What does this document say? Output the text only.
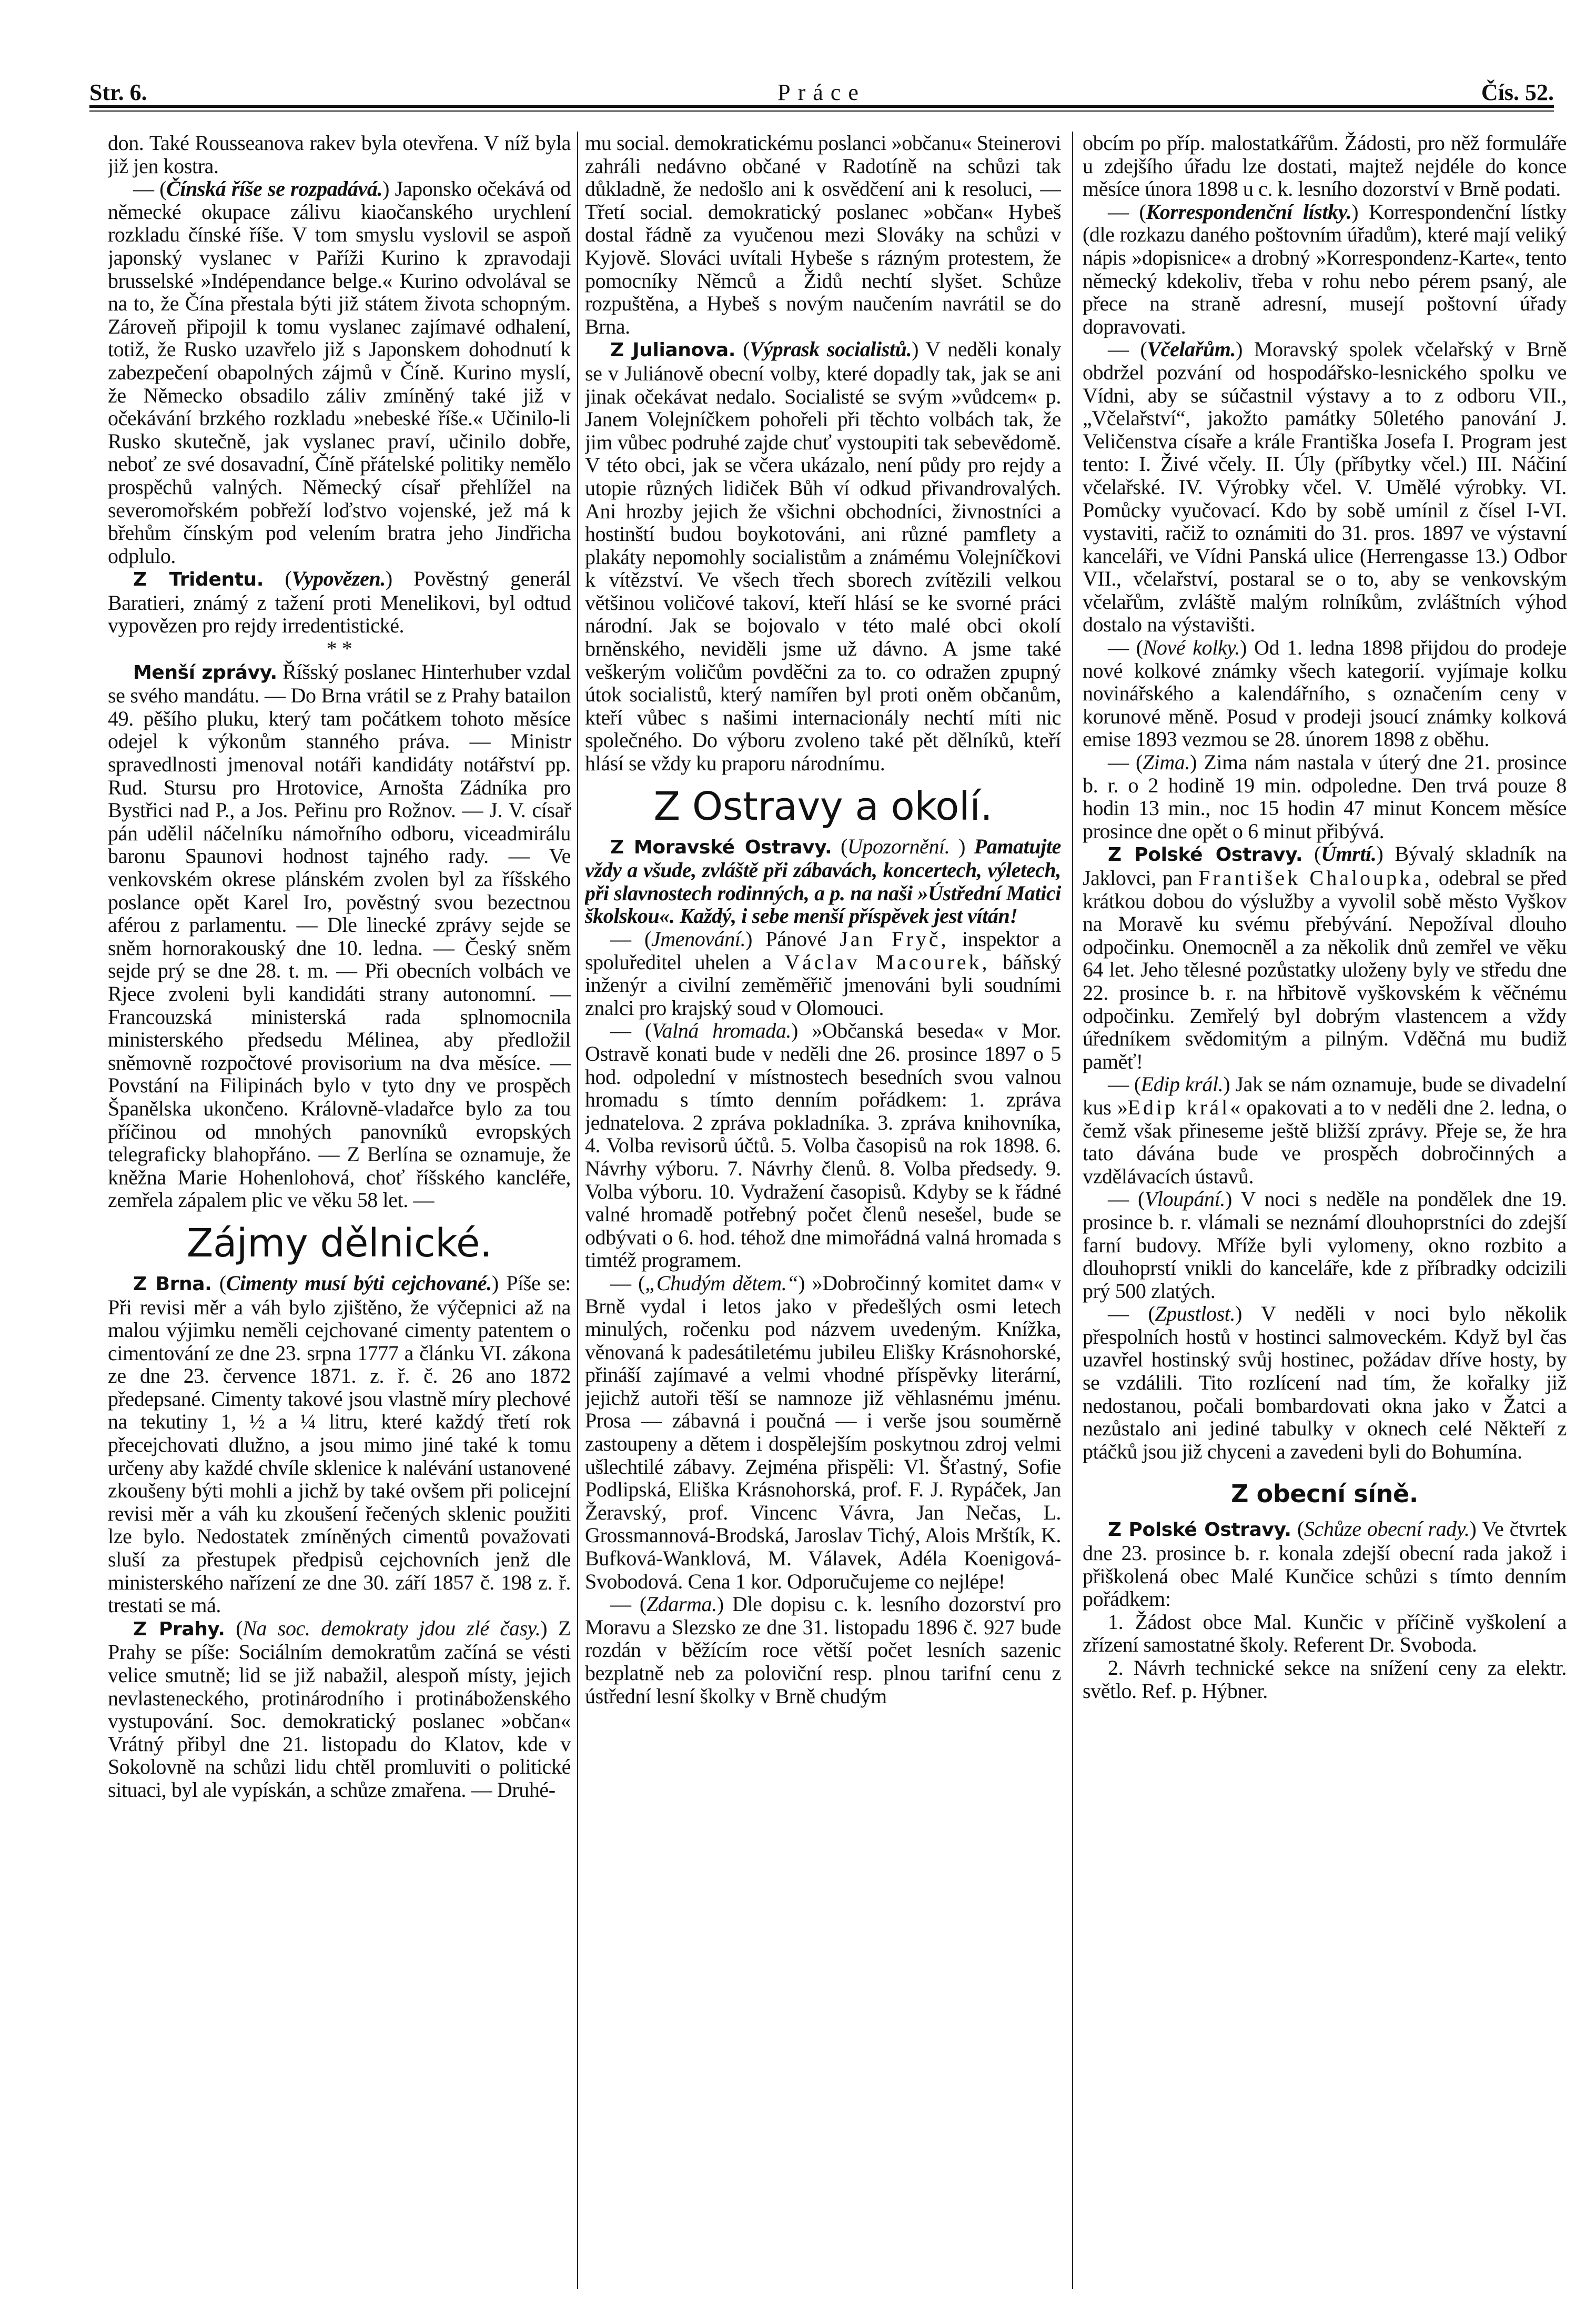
Str. 6.	Práce	Čís. 52.

don. Také Rousseanova rakev byla otevřena. V níž byla již jen kostra.

— (Čínská říše se rozpadává.) Japonsko očekává od německé okupace zálivu kiaočanského urychlení rozkladu čínské říše. V tom smyslu vyslovil se aspoň japonský vyslanec v Paříži Kurino k zpravodaji brusselské »Indépendance belge.« Kurino odvolával se na to, že Čína přestala býti již státem života schopným. Zároveň připojil k tomu vyslanec zajímavé odhalení, totiž, že Rusko uzavřelo již s Japonskem dohodnutí k zabezpečení obapolných zájmů v Číně. Kurino myslí, že Německo obsadilo záliv zmíněný také již v očekávání brzkého rozkladu »nebeské říše.« Učinilo-li Rusko skutečně, jak vyslanec praví, učinilo dobře, neboť ze své dosavadní, Číně přátelské politiky nemělo prospěchů valných. Německý císař přehlížel na severomořském pobřeží loďstvo vojenské, jež má k břehům čínským pod velením bratra jeho Jindřicha odplulo.

Z Tridentu. (Vypovězen.) Pověstný generál Baratieri, známý z tažení proti Menelikovi, byl odtud vypovězen pro rejdy irredentistické.

* *

Menší zprávy. Říšský poslanec Hinterhuber vzdal se svého mandátu. — Do Brna vrátil se z Prahy batailon 49. pěšího pluku, který tam počátkem tohoto měsíce odejel k výkonům stanného práva. — Ministr spravedlnosti jmenoval notáři kandidáty notářství pp. Rud. Stursu pro Hrotovice, Arnošta Zádníka pro Bystřici nad P., a Jos. Peřinu pro Rožnov. — J. V. císař pán udělil náčelníku námořního odboru, viceadmirálu baronu Spaunovi hodnost tajného rady. — Ve venkovském okrese plánském zvolen byl za říšského poslance opět Karel Iro, pověstný svou bezectnou aférou z parlamentu. — Dle linecké zprávy sejde se sněm hornorakouský dne 10. ledna. — Český sněm sejde prý se dne 28. t. m. — Při obecních volbách ve Rjece zvoleni byli kandidáti strany autonomní. — Francouzská ministerská rada splnomocnila ministerského předsedu Mélinea, aby předložil sněmovně rozpočtové provisorium na dva měsíce. — Povstání na Filipinách bylo v tyto dny ve prospěch Španělska ukončeno. Královně-vladařce bylo za tou příčinou od mnohých panovníků evropských telegraficky blahopřáno. — Z Berlína se oznamuje, že kněžna Marie Hohenlohová, choť říšského kancléře, zemřela zápalem plic ve věku 58 let. —

Zájmy dělnické.

Z Brna. (Cimenty musí býti cejchované.) Píše se: Při revisi měr a váh bylo zjištěno, že výčepnici až na malou výjimku neměli cejchované cimenty patentem o cimentování ze dne 23. srpna 1777 a článku VI. zákona ze dne 23. července 1871. z. ř. č. 26 ano 1872 předepsané. Cimenty takové jsou vlastně míry plechové na tekutiny 1, ½ a ¼ litru, které každý třetí rok přecejchovati dlužno, a jsou mimo jiné také k tomu určeny aby každé chvíle sklenice k nalévání ustanovené zkoušeny býti mohli a jichž by také ovšem při policejní revisi měr a váh ku zkoušení řečených sklenic použiti lze bylo. Nedostatek zmíněných cimentů považovati sluší za přestupek předpisů cejchovních jenž dle ministerského nařízení ze dne 30. září 1857 č. 198 z. ř. trestati se má.

Z Prahy. (Na soc. demokraty jdou zlé časy.) Z Prahy se píše: Sociálním demokratům začíná se vésti velice smutně; lid se již nabažil, alespoň místy, jejich nevlasteneckého, protinárodního i protináboženského vystupování. Soc. demokratický poslanec »občan« Vrátný přibyl dne 21. listopadu do Klatov, kde v Sokolovně na schůzi lidu chtěl promluviti o politické situaci, byl ale vypískán, a schůze zmařena. — Druhé-

mu social. demokratickému poslanci »občanu« Steinerovi zahráli nedávno občané v Radotíně na schůzi tak důkladně, že nedošlo ani k osvědčení ani k resoluci, — Třetí social. demokratický poslanec »občan« Hybeš dostal řádně za vyučenou mezi Slováky na schůzi v Kyjově. Slováci uvítali Hybeše s rázným protestem, že pomocníky Němců a Židů nechtí slyšet. Schůze rozpuštěna, a Hybeš s novým naučením navrátil se do Brna.

Z Julianova. (Výprask socialistů.) V neděli konaly se v Juliánově obecní volby, které dopadly tak, jak se ani jinak očekávat nedalo. Socialisté se svým »vůdcem« p. Janem Volejníčkem pohořeli při těchto volbách tak, že jim vůbec podruhé zajde chuť vystoupiti tak sebevědomě. V této obci, jak se včera ukázalo, není půdy pro rejdy a utopie různých lidiček Bůh ví odkud přivandrovalých. Ani hrozby jejich že všichni obchodníci, živnostníci a hostinští budou boykotováni, ani různé pamflety a plakáty nepomohly socialistům a známému Volejníčkovi k vítězství. Ve všech třech sborech zvítězili velkou většinou voličové takoví, kteří hlásí se ke svorné práci národní. Jak se bojovalo v této malé obci okolí brněnského, neviděli jsme už dávno. A jsme také veškerým voličům povděčni za to. co odražen zpupný útok socialistů, který namířen byl proti oněm občanům, kteří vůbec s našimi internacionály nechtí míti nic společného. Do výboru zvoleno také pět dělníků, kteří hlásí se vždy ku praporu národnímu.

Z Ostravy a okolí.

Z Moravské Ostravy. (Upozornění. ) Pamatujte vždy a všude, zvláště při zábavách, koncertech, výletech, při slavnostech rodinných, a p. na naši »Ústřední Matici školskou«. Každý, i sebe menší příspěvek jest vítán!

— (Jmenování.) Pánové Jan Fryč, inspektor a spoluředitel uhelen a Václav Macourek, báňský inženýr a civilní zeměměřič jmenováni byli soudními znalci pro krajský soud v Olomouci.

— (Valná hromada.) »Občanská beseda« v Mor. Ostravě konati bude v neděli dne 26. prosince 1897 o 5 hod. odpolední v místnostech besedních svou valnou hromadu s tímto denním pořádkem: 1. zpráva jednatelova. 2 zpráva pokladníka. 3. zpráva knihovníka, 4. Volba revisorů účtů. 5. Volba časopisů na rok 1898. 6. Návrhy výboru. 7. Návrhy členů. 8. Volba předsedy. 9. Volba výboru. 10. Vydražení časopisů. Kdyby se k řádné valné hromadě potřebný počet členů nesešel, bude se odbývati o 6. hod. téhož dne mimořádná valná hromada s timtéž programem.

— („Chudým dětem.“) »Dobročinný komitet dam« v Brně vydal i letos jako v předešlých osmi letech minulých, ročenku pod názvem uvedeným. Knížka, věnovaná k padesátiletému jubileu Elišky Krásnohorské, přináší zajímavé a velmi vhodné příspěvky literární, jejichž autoři těší se namnoze již věhlasnému jménu. Prosa — zábavná i poučná — i verše jsou souměrně zastoupeny a dětem i dospělejším poskytnou zdroj velmi ušlechtilé zábavy. Zejména přispěli: Vl. Šťastný, Sofie Podlipská, Eliška Krásnohorská, prof. F. J. Rypáček, Jan Žeravský, prof. Vincenc Vávra, Jan Nečas, L. Grossmannová-Brodská, Jaroslav Tichý, Alois Mrštík, K. Bufková-Wanklová, M. Válavek, Adéla Koenigová-Svobodová. Cena 1 kor. Odporučujeme co nejlépe!

— (Zdarma.) Dle dopisu c. k. lesního dozorství pro Moravu a Slezsko ze dne 31. listopadu 1896 č. 927 bude rozdán v běžícím roce větší počet lesních sazenic bezplatně neb za poloviční resp. plnou tarifní cenu z ústřední lesní školky v Brně chudým

obcím po příp. malostatkářům. Žádosti, pro něž formuláře u zdejšího úřadu lze dostati, majtež nejdéle do konce měsíce února 1898 u c. k. lesního dozorství v Brně podati.

— (Korrespondenční lístky.) Korrespondenční lístky (dle rozkazu daného poštovním úřadům), které mají veliký nápis »dopisnice« a drobný »Korrespondenz-Karte«, tento německý kdekoliv, třeba v rohu nebo pérem psaný, ale přece na straně adresní, musejí poštovní úřady dopravovati.

— (Včelařům.) Moravský spolek včelařský v Brně obdržel pozvání od hospodářsko-lesnického spolku ve Vídni, aby se súčastnil výstavy a to z odboru VII., „Včelařství“, jakožto památky 50letého panování J. Veličenstva císaře a krále Františka Josefa I. Program jest tento: I. Živé včely. II. Úly (příbytky včel.) III. Náčiní včelařské. IV. Výrobky včel. V. Umělé výrobky. VI. Pomůcky vyučovací. Kdo by sobě umínil z čísel I-VI. vystaviti, račiž to oznámiti do 31. pros. 1897 ve výstavní kanceláři, ve Vídni Panská ulice (Herrengasse 13.) Odbor VII., včelařství, postaral se o to, aby se venkovským včelařům, zvláště malým rolníkům, zvláštních výhod dostalo na výstavišti.

— (Nové kolky.) Od 1. ledna 1898 přijdou do prodeje nové kolkové známky všech kategorií. vyjímaje kolku novinářského a kalendářního, s označením ceny v korunové měně. Posud v prodeji jsoucí známky kolková emise 1893 vezmou se 28. únorem 1898 z oběhu.

— (Zima.) Zima nám nastala v úterý dne 21. prosince b. r. o 2 hodině 19 min. odpoledne. Den trvá pouze 8 hodin 13 min., noc 15 hodin 47 minut Koncem měsíce prosince dne opět o 6 minut přibývá.

Z Polské Ostravy. (Úmrtí.) Bývalý skladník na Jaklovci, pan František Chaloupka, odebral se před krátkou dobou do výslužby a vyvolil sobě město Vyškov na Moravě ku svému přebývání. Nepožíval dlouho odpočinku. Onemocněl a za několik dnů zemřel ve věku 64 let. Jeho tělesné pozůstatky uloženy byly ve středu dne 22. prosince b. r. na hřbitově vyškovském k věčnému odpočinku. Zemřelý byl dobrým vlastencem a vždy úředníkem svědomitým a pilným. Vděčná mu budiž paměť!

— (Edip král.) Jak se nám oznamuje, bude se divadelní kus »Edip král« opakovati a to v neděli dne 2. ledna, o čemž však přineseme ještě bližší zprávy. Přeje se, že hra tato dávána bude ve prospěch dobročinných a vzdělávacích ústavů.

— (Vloupání.) V noci s neděle na pondělek dne 19. prosince b. r. vlámali se neznámí dlouhoprstníci do zdejší farní budovy. Mříže byli vylomeny, okno rozbito a dlouhoprstí vnikli do kanceláře, kde z příbradky odcizili prý 500 zlatých.

— (Zpustlost.) V neděli v noci bylo několik přespolních hostů v hostinci salmoveckém. Když byl čas uzavřel hostinský svůj hostinec, požádav dříve hosty, by se vzdálili. Tito rozlícení nad tím, že kořalky již nedostanou, počali bombardovati okna jako v Žatci a nezůstalo ani jediné tabulky v oknech celé Někteří z ptáčků jsou již chyceni a zavedeni byli do Bohumína.

Z obecní síně.

Z Polské Ostravy. (Schůze obecní rady.) Ve čtvrtek dne 23. prosince b. r. konala zdejší obecní rada jakož i přiškolená obec Malé Kunčice schůzi s tímto denním pořádkem:

1. Žádost obce Mal. Kunčic v příčině vyškolení a zřízení samostatné školy. Referent Dr. Svoboda.

2. Návrh technické sekce na snížení ceny za elektr. světlo. Ref. p. Hýbner.
